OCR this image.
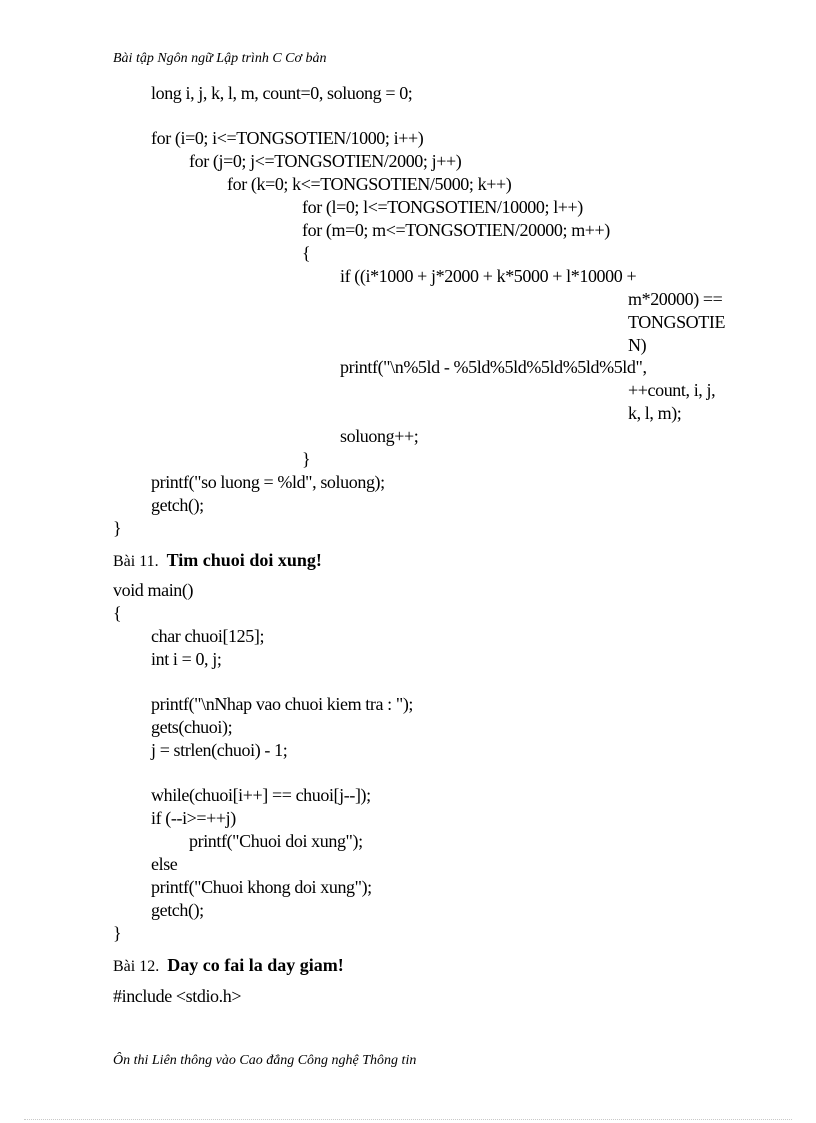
Bài tập Ngôn ngữ Lập trình C Cơ bản
long i, j, k, l, m, count=0, soluong = 0;
for (i=0; i<=TONGSOTIEN/1000; i++)
for (j=0; j<=TONGSOTIEN/2000; j++)
for (k=0; k<=TONGSOTIEN/5000; k++)
for (l=0; l<=TONGSOTIEN/10000; l++)
for (m=0; m<=TONGSOTIEN/20000; m++)
{
if ((i*1000 + j*2000 + k*5000 + l*10000 +
m*20000) ==
TONGSOTIE
N)
printf("\n%5ld - %5ld%5ld%5ld%5ld%5ld",
++count, i, j,
k, l, m);
soluong++;
}
printf("so luong = %ld", soluong);
getch();
}
Bài 11. Tim chuoi doi xung!
void main()
{
char chuoi[125];
int i = 0, j;
printf("\nNhap vao chuoi kiem tra : ");
gets(chuoi);
j = strlen(chuoi) - 1;
while(chuoi[i++] == chuoi[j--]);
if (--i>=++j)
printf("Chuoi doi xung");
else
printf("Chuoi khong doi xung");
getch();
}
Bài 12. Day co fai la day giam!
#include <stdio.h>
Ôn thi Liên thông vào Cao đẳng Công nghệ Thông tin
